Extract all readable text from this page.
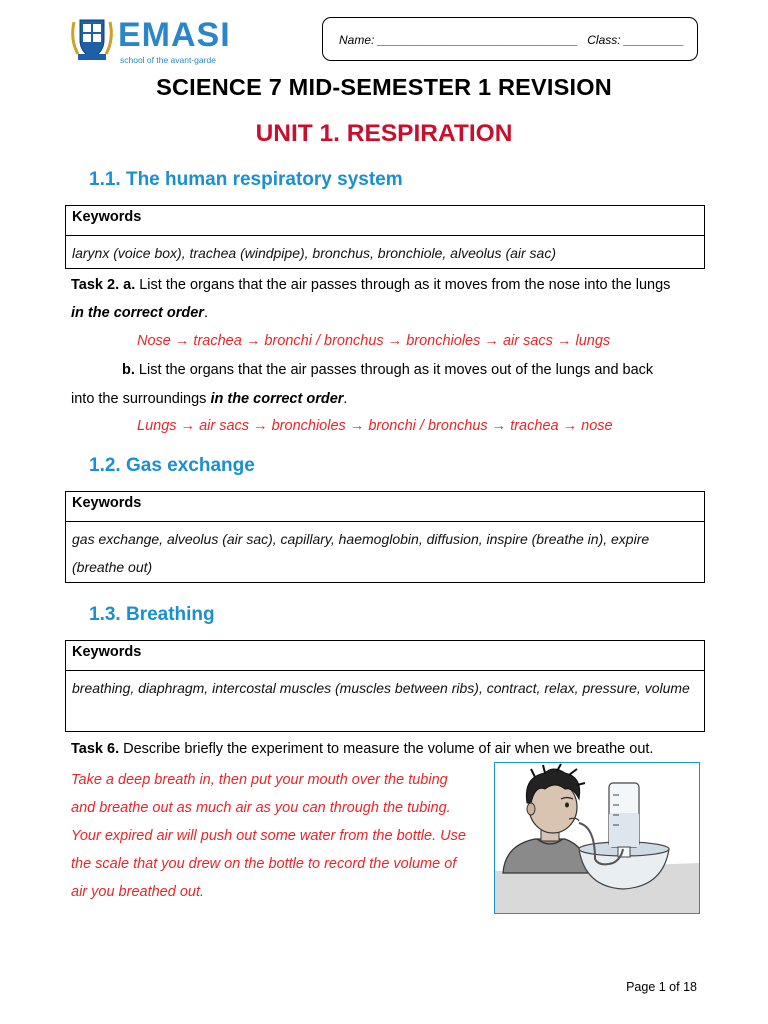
EMASI
school of the avant-garde
Name: ______________________________ Class: _________
SCIENCE 7 MID-SEMESTER 1 REVISION
UNIT 1. RESPIRATION
1.1. The human respiratory system
Keywords
larynx (voice box), trachea (windpipe), bronchus, bronchiole, alveolus (air sac)
Task 2. a. List the organs that the air passes through as it moves from the nose into the lungs
in the correct order.
Nose → trachea → bronchi / bronchus → bronchioles → air sacs → lungs
b. List the organs that the air passes through as it moves out of the lungs and back
into the surroundings in the correct order.
Lungs → air sacs → bronchioles → bronchi / bronchus → trachea → nose
1.2. Gas exchange
Keywords
gas exchange, alveolus (air sac), capillary, haemoglobin, diffusion, inspire (breathe in), expire (breathe out)
1.3. Breathing
Keywords
breathing, diaphragm, intercostal muscles (muscles between ribs), contract, relax, pressure, volume
Task 6. Describe briefly the experiment to measure the volume of air when we breathe out.
Take a deep breath in, then put your mouth over the tubing
and breathe out as much air as you can through the tubing.
Your expired air will push out some water from the bottle. Use
the scale that you drew on the bottle to record the volume of
air you breathed out.
Page 1 of 18
